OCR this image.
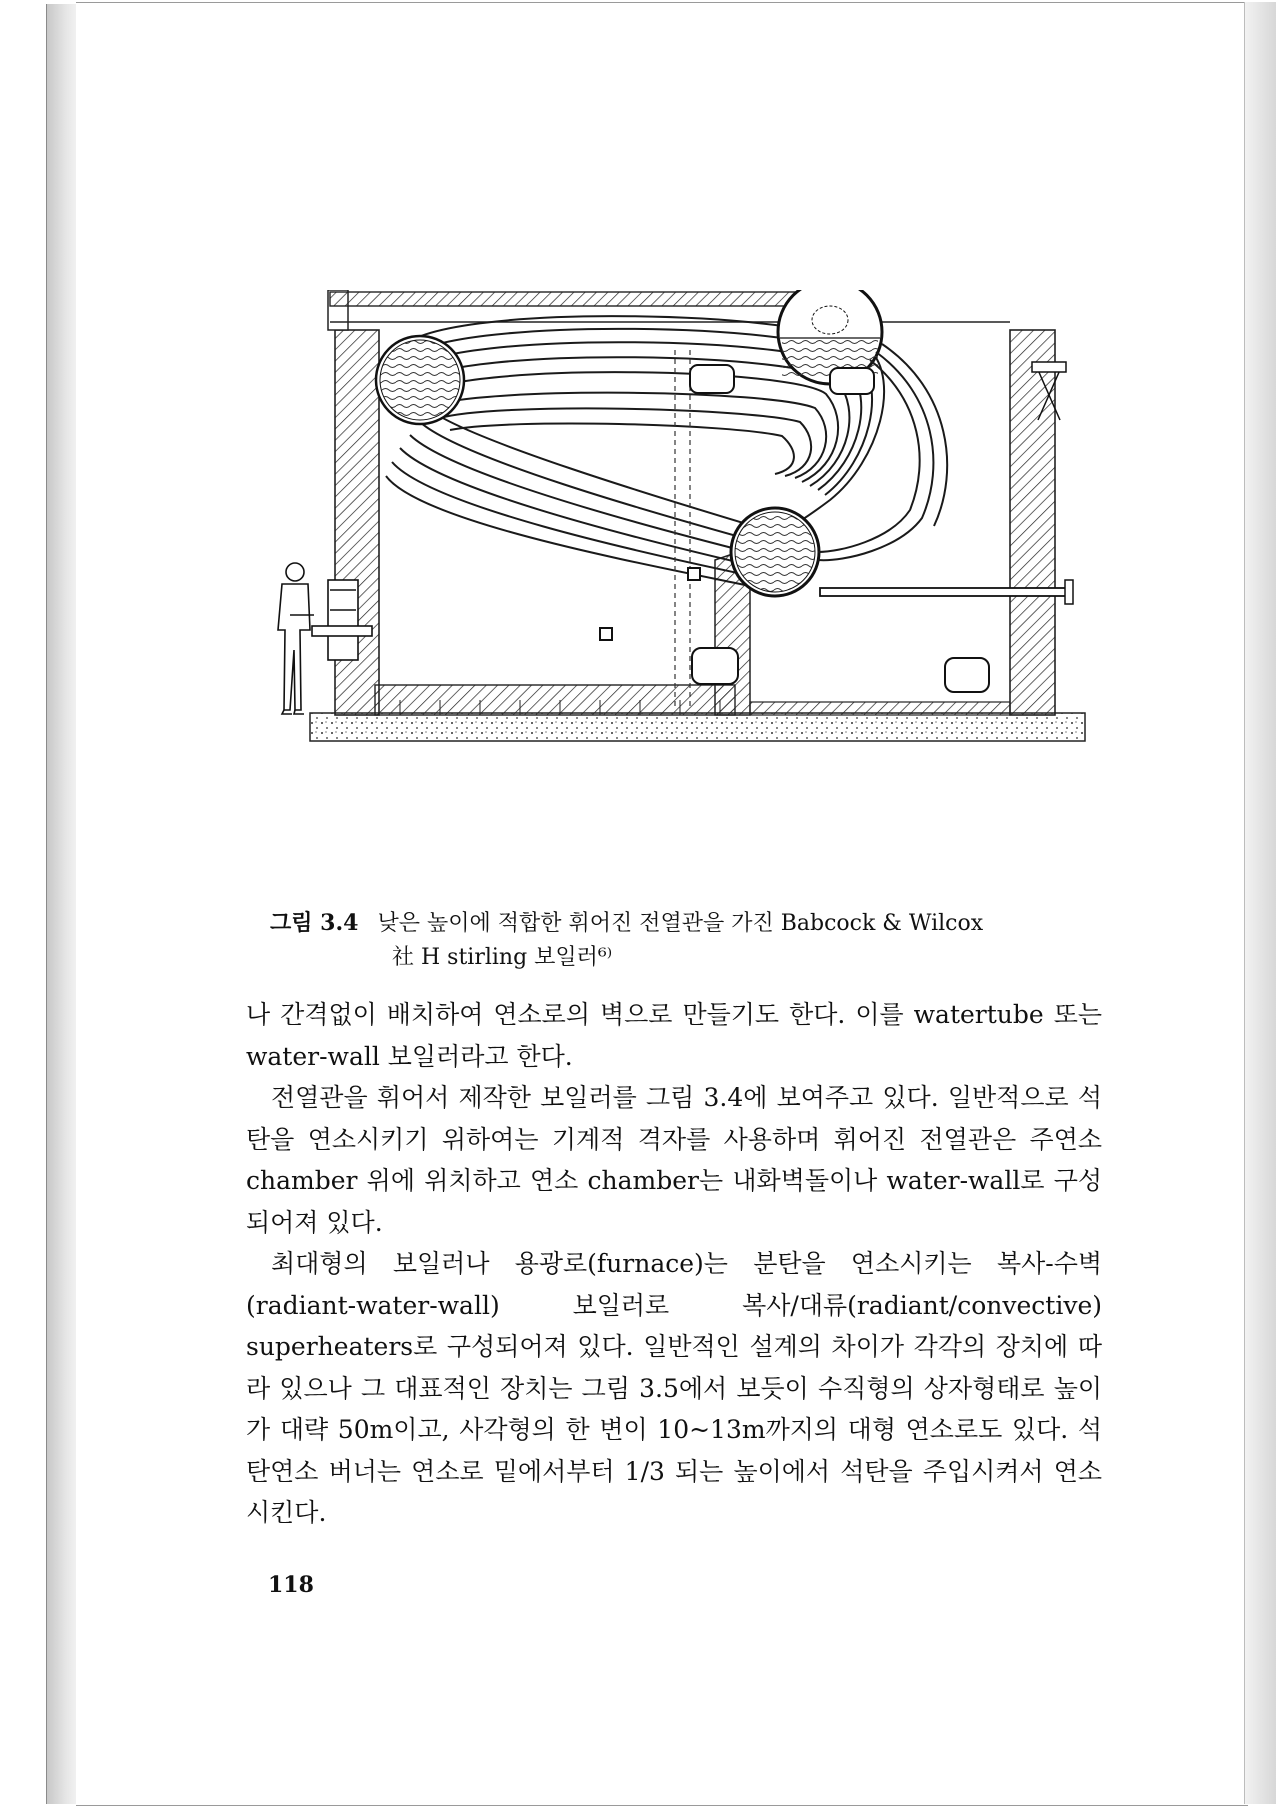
그림 3.4 낮은 높이에 적합한 휘어진 전열관을 가진 Babcock & Wilcox
社 H stirling 보일러⁶⁾

나 간격없이 배치하여 연소로의 벽으로 만들기도 한다. 이를 watertube 또는 water-wall 보일러라고 한다.

전열관을 휘어서 제작한 보일러를 그림 3.4에 보여주고 있다. 일반적으로 석탄을 연소시키기 위하여는 기계적 격자를 사용하며 휘어진 전열관은 주연소 chamber 위에 위치하고 연소 chamber는 내화벽돌이나 water-wall로 구성되어져 있다.

최대형의 보일러나 용광로(furnace)는 분탄을 연소시키는 복사-수벽(radiant-water-wall) 보일러로 복사/대류(radiant/convective) superheaters로 구성되어져 있다. 일반적인 설계의 차이가 각각의 장치에 따라 있으나 그 대표적인 장치는 그림 3.5에서 보듯이 수직형의 상자형태로 높이가 대략 50m이고, 사각형의 한 변이 10~13m까지의 대형 연소로도 있다. 석탄연소 버너는 연소로 밑에서부터 1/3 되는 높이에서 석탄을 주입시켜서 연소시킨다.

118
